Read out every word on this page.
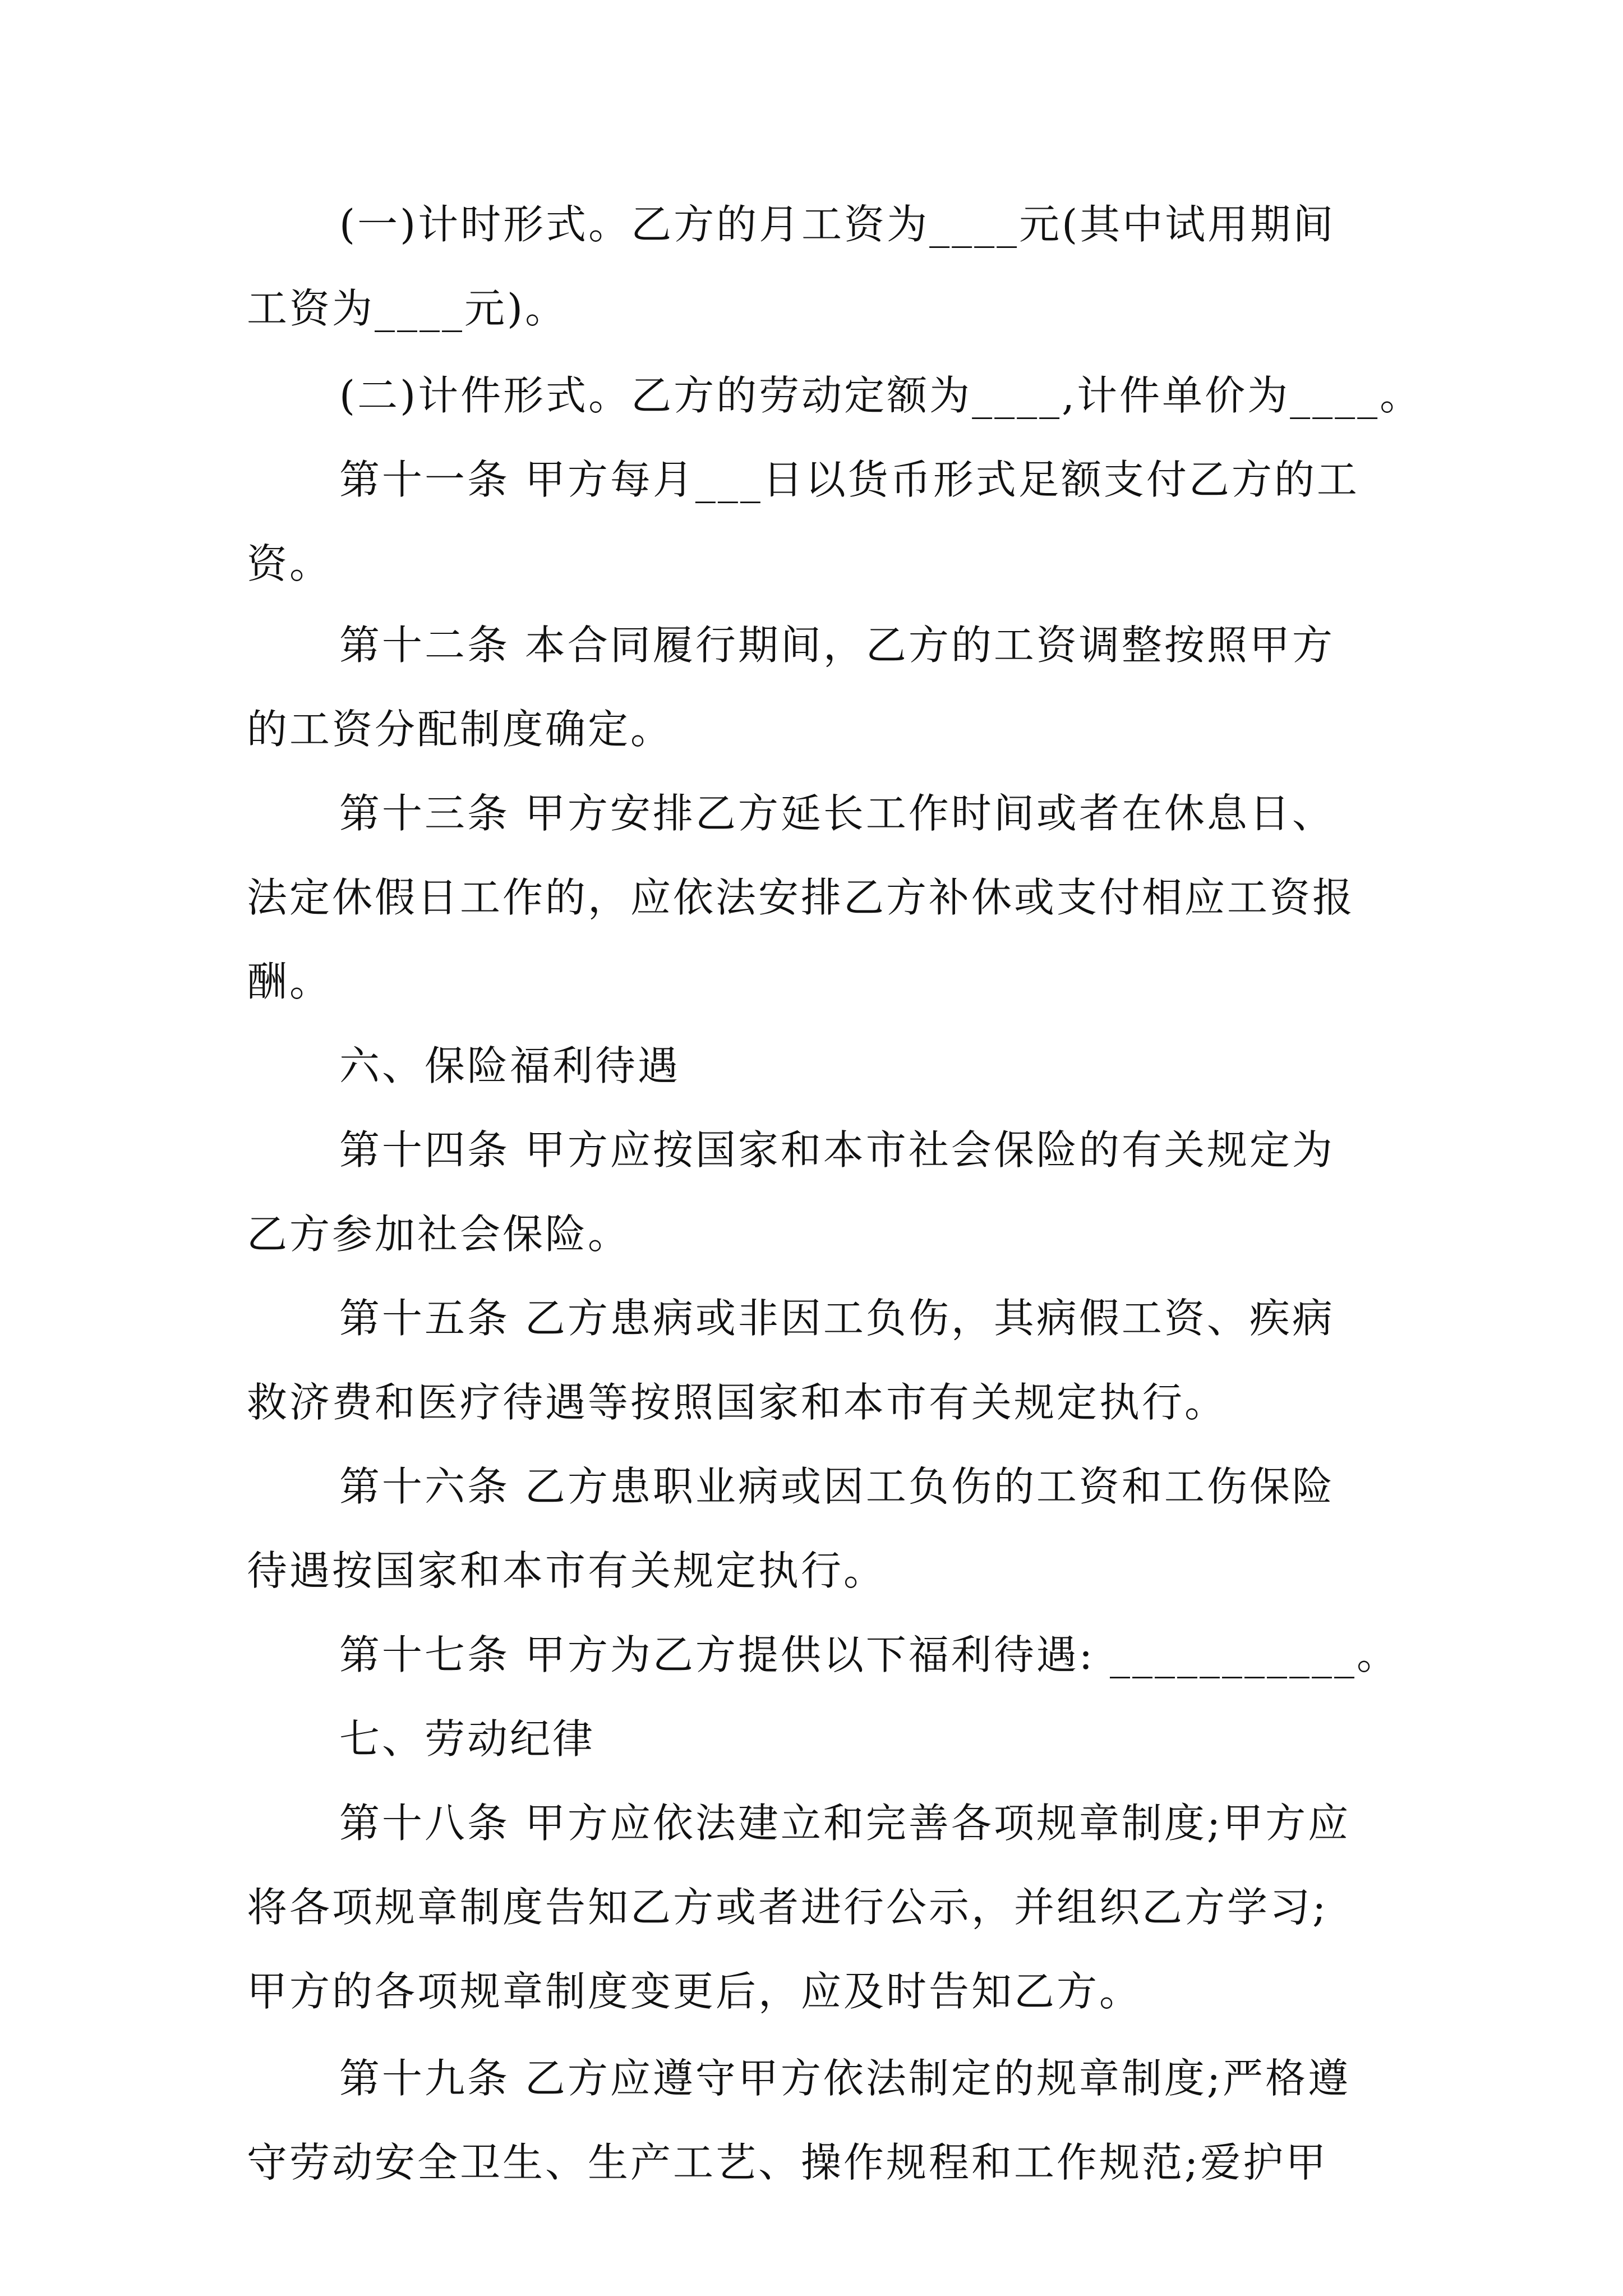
(一)计时形式。乙方的月工资为____元(其中试用期间
工资为____元)。
(二)计件形式。乙方的劳动定额为____,计件单价为____。
第十一条 甲方每月___日以货币形式足额支付乙方的工
资。
第十二条 本合同履行期间，乙方的工资调整按照甲方
的工资分配制度确定。
第十三条 甲方安排乙方延长工作时间或者在休息日、
法定休假日工作的，应依法安排乙方补休或支付相应工资报
酬。
六、保险福利待遇
第十四条 甲方应按国家和本市社会保险的有关规定为
乙方参加社会保险。
第十五条 乙方患病或非因工负伤，其病假工资、疾病
救济费和医疗待遇等按照国家和本市有关规定执行。
第十六条 乙方患职业病或因工负伤的工资和工伤保险
待遇按国家和本市有关规定执行。
第十七条 甲方为乙方提供以下福利待遇: ___________。
七、劳动纪律
第十八条 甲方应依法建立和完善各项规章制度;甲方应
将各项规章制度告知乙方或者进行公示，并组织乙方学习;
甲方的各项规章制度变更后，应及时告知乙方。
第十九条 乙方应遵守甲方依法制定的规章制度;严格遵
守劳动安全卫生、生产工艺、操作规程和工作规范;爱护甲
